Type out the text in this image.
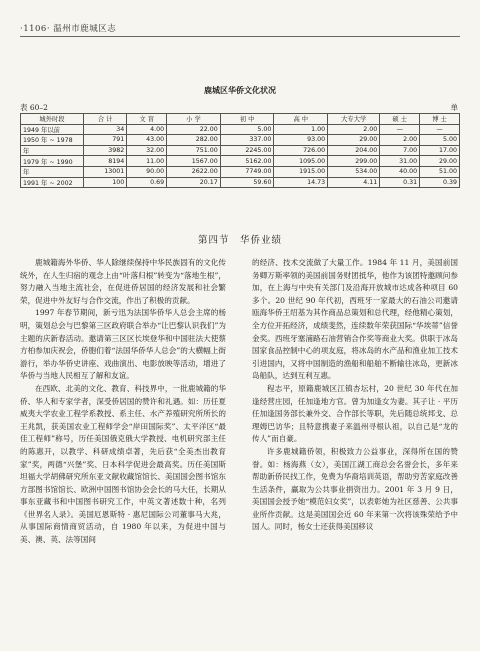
·1106· 温州市鹿城区志
鹿城区华侨文化状况
表 60–2	单
城外时段	合 计	文 盲	小 学	初 中	高 中	大专大学	硕 士	博 士
1949 年以前	34	4.00	22.00	5.00	1.00	2.00	—	—
1950 年 ~ 1978	791	43.00	282.00	337.00	93.00	29.00	2.00	5.00
年	3982	32.00	751.00	2245.00	726.00	204.00	7.00	17.00
1979 年 ~ 1990	8194	11.00	1567.00	5162.00	1095.00	299.00	31.00	29.00
年	13001	90.00	2622.00	7749.00	1915.00	534.00	40.00	51.00
1991 年 ~ 2002	100	0.69	20.17	59.60	14.73	4.11	0.31	0.39
第四节　华侨业绩

鹿城籍海外华侨、华人除继续保持中华民族固有的文化传统外，在人生归宿的观念上由“叶落归根”转变为“落地生根”，努力融入当地主流社会，在促进侨居国的经济发展和社会繁荣，促进中外友好与合作交流，作出了积极的贡献。

1997 年春节期间，新亏迅为法国华侨华人总会主席的杨明，策划总会与巴黎第三区政府联合举办“让巴黎认识我们”为主题的庆新春活动。邀请第三区区长埃登华和中国驻法大使蔡方柏参加庆祝会，侨胞们着“法国华侨华人总会”的大横幅上街游行，举办华侨史讲座、戏曲演出、电影放映等活动，增进了华侨与当地人民相互了解和友谊。

在西欧、北美的文化、教育、科技界中，一批鹿城籍的华侨、华人和专家学者，深受侨居国的赞许和礼遇。如：历任夏威夷大学农业工程学系教授、系主任、水产养殖研究所所长的王兆凯，获美国农业工程师学会“岸田国际奖”、太平洋区“最佳工程师”称号，历任美国俄克俄大学教授、电机研究部主任的陈惠开，以教学、科研成绩卓著，先后获“全美杰出教育家”奖，两德“兴堡”奖、日本科学促进会最高奖。历任美国斯坦福大学胡佛研究所东亚文献收藏馆馆长、美国国会图书馆东方部图书馆馆长、欧洲中国图书馆协会会长的马大任，长期从事东亚藏书和中国图书研究工作，中英文著述数十种，名列《世界名人录》。美国厄恩斯特 · 惠尼国际公司董事马大兆，从事国际商情商贸活动，自 1980 年以来，为促进中国与美、澳、英、法等国间

的经济、技术交流做了大量工作。1984 年 11 月，美国前国务卿万斯率领的美国前国务财团抵华，他作为该团特邀顾问参加，在上海与中央有关部门及沿海开放城市达成各种项目 60 多个。20 世纪 90 年代初，西班牙一家最大的石油公司邀请瓯海华侨王绍基为其作商品总策划和总代理，经他精心策划，全方位开拓经济，成绩斐然，连续数年荣获国际“华埃蒂”信誉金奖。西班牙塞浦路石油营销合作奖等商业大奖。供职于冰岛国家食品控制中心的项友庭，将冰岛的水产品和渔业加工技术引进国内，又将中国制造的渔船和船舶不断输往冰岛，更新冰岛船队，达到互利互惠。

程志平，原籍鹿城区江镇杏坛村，20 世纪 30 年代在加逢经营庄园，任加逢地方官。曾为加逢女为妻。其子让 · 平历任加逢国务部长兼外交、合作部长等职，先后随总统邦戈、总理姆巴访华；且特意携妻子来温州寻根认祖，以自己是“龙的传人”而自豪。

许多鹿城籍侨领，积极致力公益事业，深得所在国的赞誉。如：杨海燕（女），美国江湖工商总会名誉会长，多年来帮助新侨民找工作，免费为华裔培训英语，帮助穷苦家庭改善生活条件，赢取为公共事业捐资出力。2001 年 3 月 9 日，美国国会授予她“模范妇女奖”，以表彰她为社区慈善、公共事业所作贡献。这是美国国会近 60 年来第一次将该殊荣给予中国人。同时，杨女士还获得美国移议
